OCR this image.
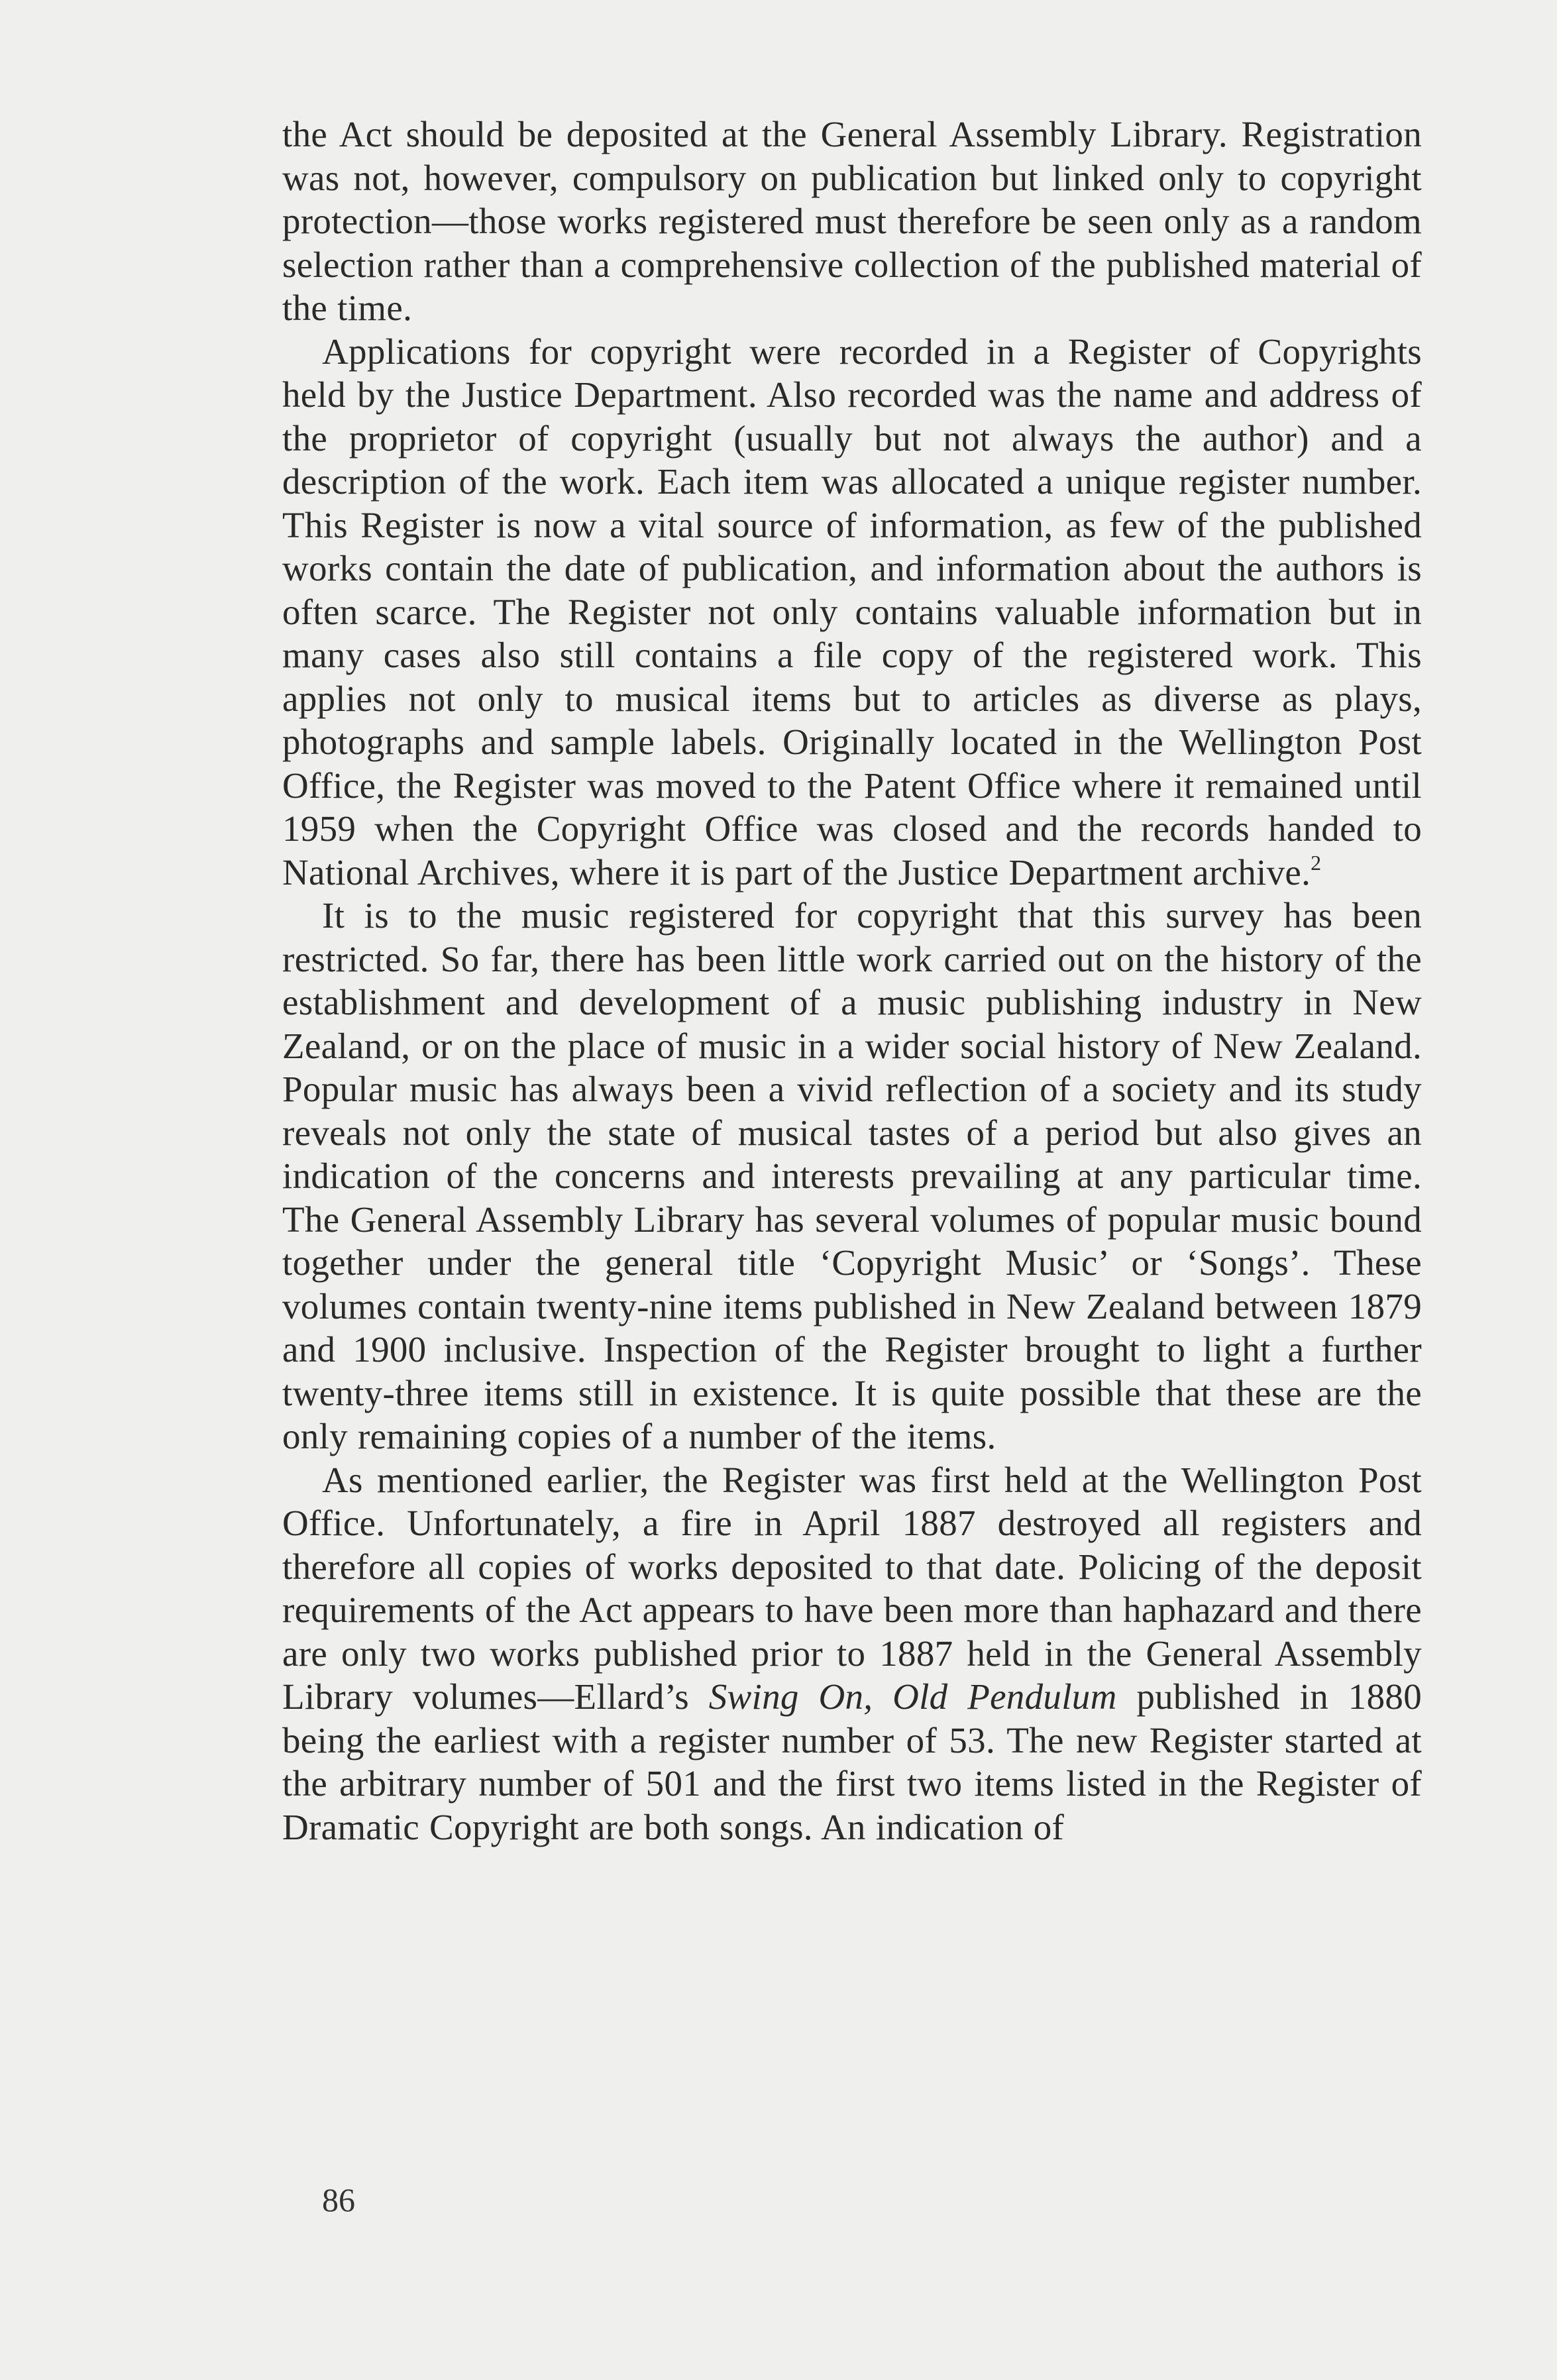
the Act should be deposited at the General Assembly Library. Registration was not, however, compulsory on publication but linked only to copyright protection—those works registered must therefore be seen only as a random selection rather than a comprehensive collection of the published material of the time.

Applications for copyright were recorded in a Register of Copyrights held by the Justice Department. Also recorded was the name and address of the proprietor of copyright (usually but not always the author) and a description of the work. Each item was allocated a unique register number. This Register is now a vital source of information, as few of the published works contain the date of publication, and information about the authors is often scarce. The Register not only contains valuable information but in many cases also still contains a file copy of the registered work. This applies not only to musical items but to articles as diverse as plays, photographs and sample labels. Originally located in the Wellington Post Office, the Register was moved to the Patent Office where it remained until 1959 when the Copyright Office was closed and the records handed to National Archives, where it is part of the Justice Department archive.$^2$

It is to the music registered for copyright that this survey has been restricted. So far, there has been little work carried out on the history of the establishment and development of a music publishing industry in New Zealand, or on the place of music in a wider social history of New Zealand. Popular music has always been a vivid reflection of a society and its study reveals not only the state of musical tastes of a period but also gives an indication of the concerns and interests prevailing at any particular time. The General Assembly Library has several volumes of popular music bound together under the general title ‘Copyright Music’ or ‘Songs’. These volumes contain twenty-nine items published in New Zealand between 1879 and 1900 inclusive. Inspection of the Register brought to light a further twenty-three items still in existence. It is quite possible that these are the only remaining copies of a number of the items.

As mentioned earlier, the Register was first held at the Wellington Post Office. Unfortunately, a fire in April 1887 destroyed all registers and therefore all copies of works deposited to that date. Policing of the deposit requirements of the Act appears to have been more than haphazard and there are only two works published prior to 1887 held in the General Assembly Library volumes—Ellard’s Swing On, Old Pendulum published in 1880 being the earliest with a register number of 53. The new Register started at the arbitrary number of 501 and the first two items listed in the Register of Dramatic Copyright are both songs. An indication of

86
